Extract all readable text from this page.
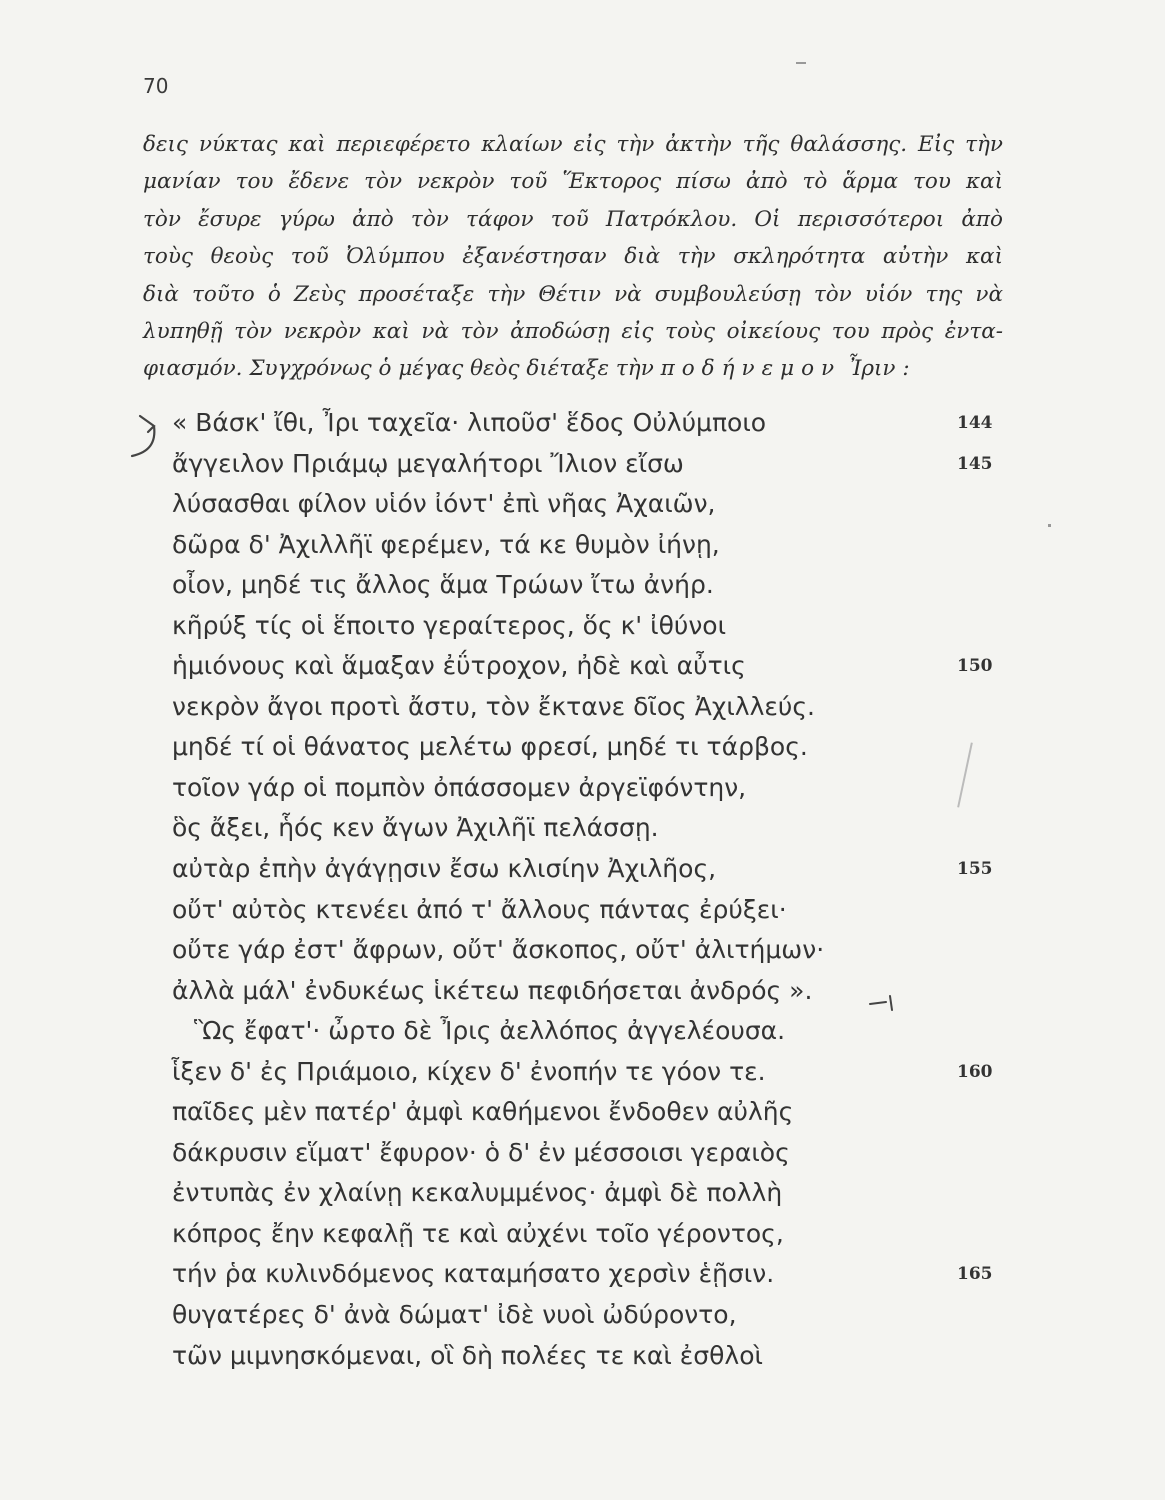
70
δεις νύκτας καὶ περιεφέρετο κλαίων εἰς τὴν ἀκτὴν τῆς θαλάσσης. Εἰς τὴν
μανίαν του ἔδενε τὸν νεκρὸν τοῦ Ἕκτορος πίσω ἀπὸ τὸ ἅρμα του καὶ
τὸν ἔσυρε γύρω ἀπὸ τὸν τάφον τοῦ Πατρόκλου. Οἱ περισσότεροι ἀπὸ
τοὺς θεοὺς τοῦ Ὀλύμπου ἐξανέστησαν διὰ τὴν σκληρότητα αὐτὴν καὶ
διὰ τοῦτο ὁ Ζεὺς προσέταξε τὴν Θέτιν νὰ συμβουλεύσῃ τὸν υἱόν της νὰ
λυπηθῇ τὸν νεκρὸν καὶ νὰ τὸν ἀποδώσῃ εἰς τοὺς οἰκείους του πρὸς ἐντα-
φιασμόν. Συγχρόνως ὁ μέγας θεὸς διέταξε τὴν ποδήνεμον Ἶριν :
« Βάσκ' ἴθι, Ἶρι ταχεῖα· λιποῦσ' ἕδος Οὐλύμποιο	144
ἄγγειλον Πριάμῳ μεγαλήτορι Ἴλιον εἴσω	145
λύσασθαι φίλον υἱόν ἰόντ' ἐπὶ νῆας Ἀχαιῶν,
δῶρα δ' Ἀχιλλῆϊ φερέμεν, τά κε θυμὸν ἰήνῃ,
οἶον, μηδέ τις ἄλλος ἅμα Τρώων ἴτω ἀνήρ.
κῆρύξ τίς οἱ ἕποιτο γεραίτερος, ὅς κ' ἰθύνοι
ἡμιόνους καὶ ἅμαξαν ἐΰτροχον, ἠδὲ καὶ αὖτις	150
νεκρὸν ἄγοι προτὶ ἄστυ, τὸν ἔκτανε δῖος Ἀχιλλεύς.
μηδέ τί οἱ θάνατος μελέτω φρεσί, μηδέ τι τάρβος.
τοῖον γάρ οἱ πομπὸν ὀπάσσομεν ἀργεϊφόντην,
ὃς ἄξει, ἧός κεν ἄγων Ἀχιλῆϊ πελάσσῃ.
αὐτὰρ ἐπὴν ἀγάγῃσιν ἔσω κλισίην Ἀχιλῆος,	155
οὔτ' αὐτὸς κτενέει ἀπό τ' ἄλλους πάντας ἐρύξει·
οὔτε γάρ ἐστ' ἄφρων, οὔτ' ἄσκοπος, οὔτ' ἀλιτήμων·
ἀλλὰ μάλ' ἐνδυκέως ἱκέτεω πεφιδήσεται ἀνδρός ».
Ὣς ἔφατ'· ὦρτο δὲ Ἶρις ἀελλόπος ἀγγελέουσα.
ἷξεν δ' ἐς Πριάμοιο, κίχεν δ' ἐνοπήν τε γόον τε.	160
παῖδες μὲν πατέρ' ἀμφὶ καθήμενοι ἔνδοθεν αὐλῆς
δάκρυσιν εἵματ' ἔφυρον· ὁ δ' ἐν μέσσοισι γεραιὸς
ἐντυπὰς ἐν χλαίνῃ κεκαλυμμένος· ἀμφὶ δὲ πολλὴ
κόπρος ἔην κεφαλῇ τε καὶ αὐχένι τοῖο γέροντος,
τήν ῥα κυλινδόμενος καταμήσατο χερσὶν ἑῇσιν.	165
θυγατέρες δ' ἀνὰ δώματ' ἰδὲ νυοὶ ὠδύροντο,
τῶν μιμνησκόμεναι, οἳ δὴ πολέες τε καὶ ἐσθλοὶ
